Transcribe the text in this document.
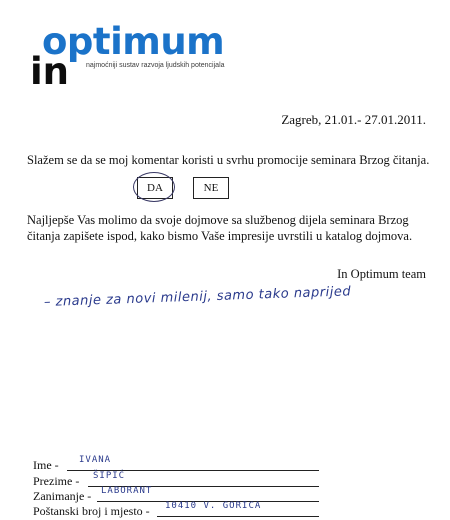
optimum
in najmoćniji sustav razvoja ljudskih potencijala
Zagreb, 21.01.- 27.01.2011.
Slažem se da se moj komentar koristi u svrhu promocije seminara Brzog čitanja.
DA	NE
Najljepše Vas molimo da svoje dojmove sa službenog dijela seminara Brzog čitanja zapišete ispod, kako bismo Vaše impresije uvrstili u katalog dojmova.
In Optimum team
– znanje za novi milenij, samo tako naprijed
Ime - IVANA
Prezime - ŠIPIĆ
Zanimanje - LABORANT
Poštanski broj i mjesto - 10410 V. GORICA
